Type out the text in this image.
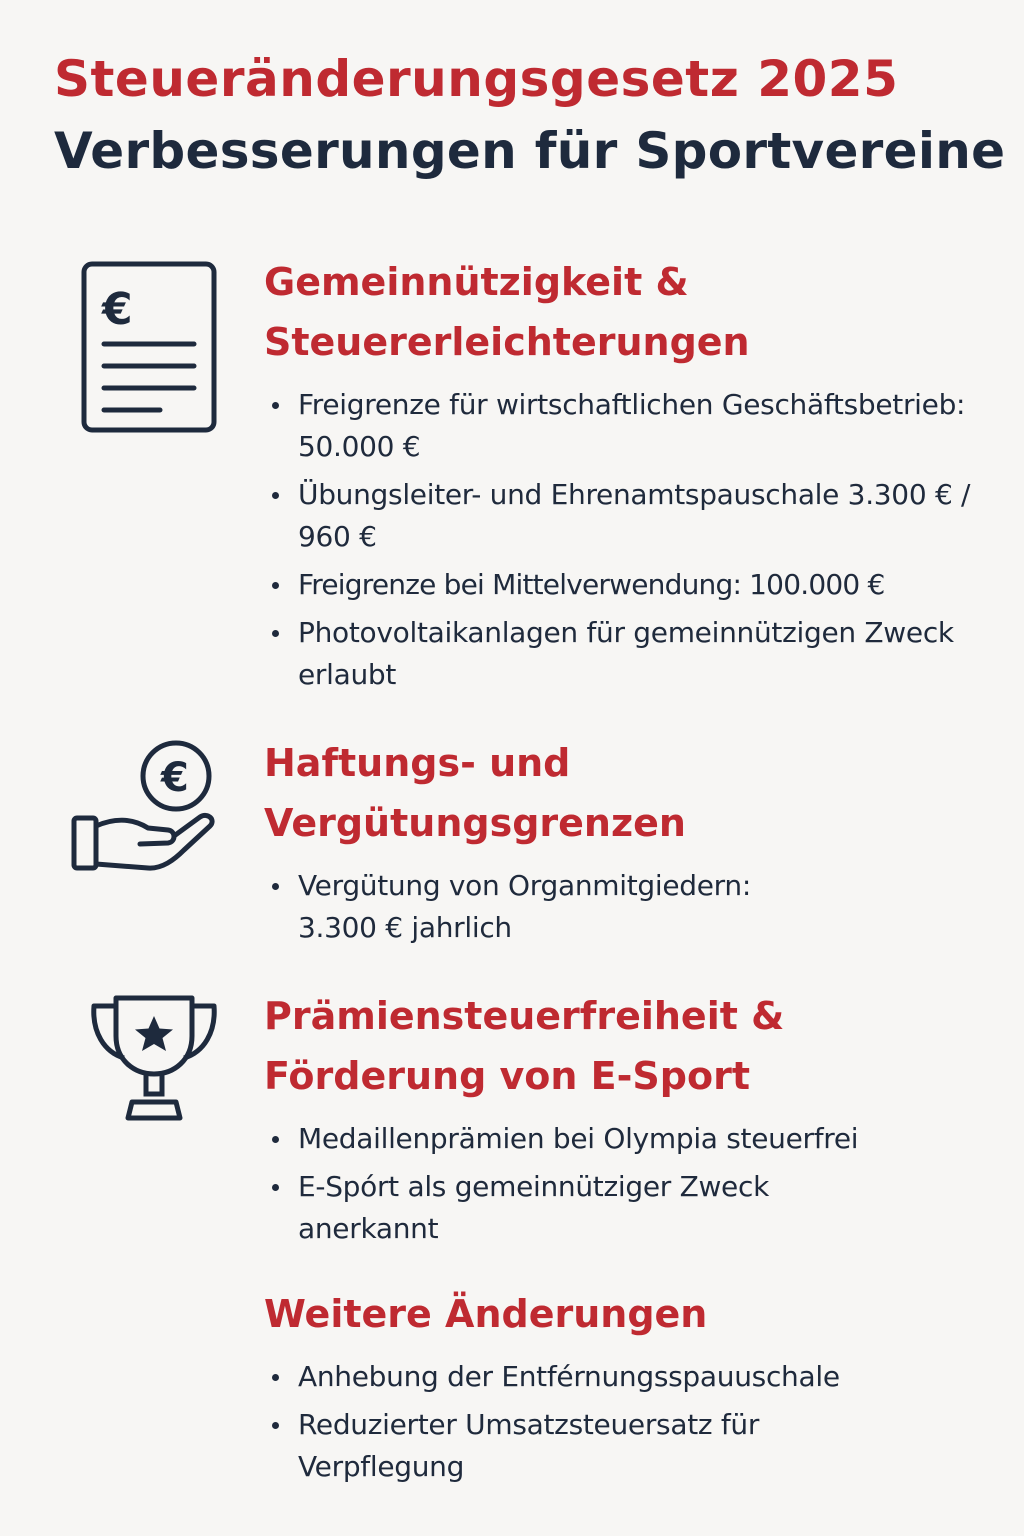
Steueränderungsgesetz 2025
Verbesserungen für Sportvereine
€
€
Gemeinnützigkeit &
Steuererleichterungen
Freigrenze für wirtschaftlichen Geschäftsbetrieb: 50.000 €
Übungsleiter- und Ehrenamtspauschale 3.300 € / 960 €
Freigrenze bei Mittelverwendung: 100.000 €
Photovoltaikanlagen für gemeinnützigen Zweck erlaubt
Haftungs- und
Vergütungsgrenzen
Vergütung von Organmitgiedern: 3.300 € jahrlich
Prämiensteuerfreiheit &
Förderung von E-Sport
Medaillenprämien bei Olympia steuerfrei
E-Spórt als gemeinnütziger Zweck anerkannt
Weitere Änderungen
Anhebung der Entférnungsspauuschale
Reduzierter Umsatzsteuersatz für Verpflegung
